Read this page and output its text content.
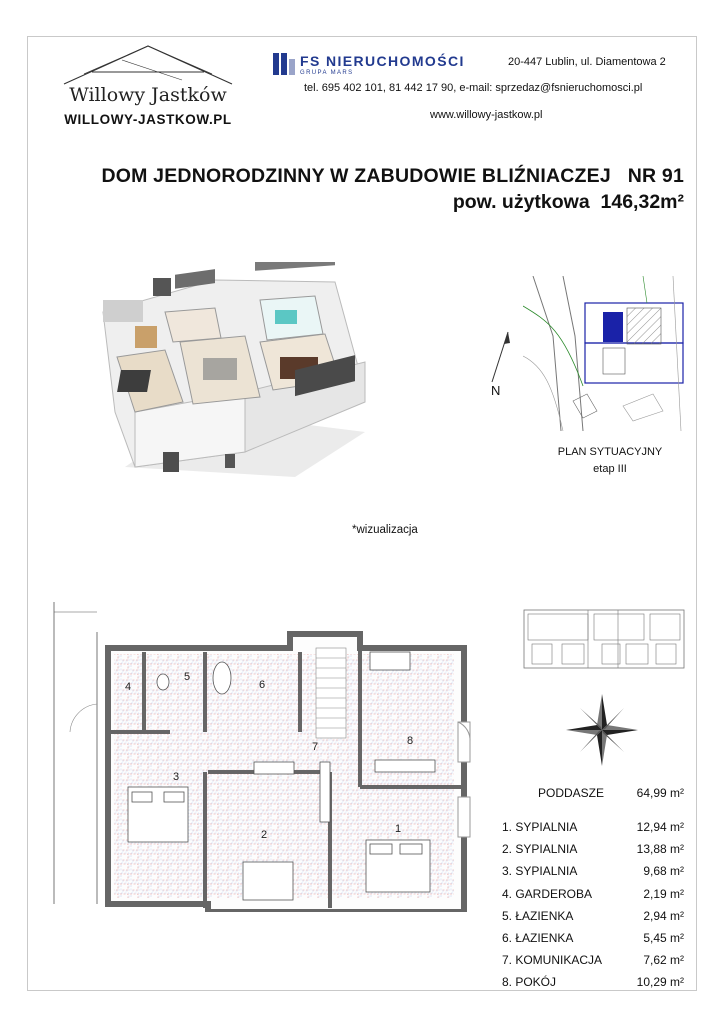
Willowy Jastków
WILLOWY-JASTKOW.PL
FS NIERUCHOMOŚCI
GRUPA MARS
20-447 Lublin, ul. Diamentowa 2
tel. 695 402 101, 81 442 17 90, e-mail: sprzedaz@fsnieruchomosci.pl
www.willowy-jastkow.pl
DOM JEDNORODZINNY W ZABUDOWIE BLIŹNIACZEJ   NR 91
pow. użytkowa  146,32m²
*wizualizacja
N
PLAN SYTUACYJNY
etap III
1
2
3
4
5
6
7	8
PODDASZE	64,99 m²
1. SYPIALNIA	12,94 m²
2. SYPIALNIA	13,88 m²
3. SYPIALNIA	9,68 m²
4. GARDEROBA	2,19 m²
5. ŁAZIENKA	2,94 m²
6. ŁAZIENKA	5,45 m²
7. KOMUNIKACJA	7,62 m²
8. POKÓJ	10,29 m²
